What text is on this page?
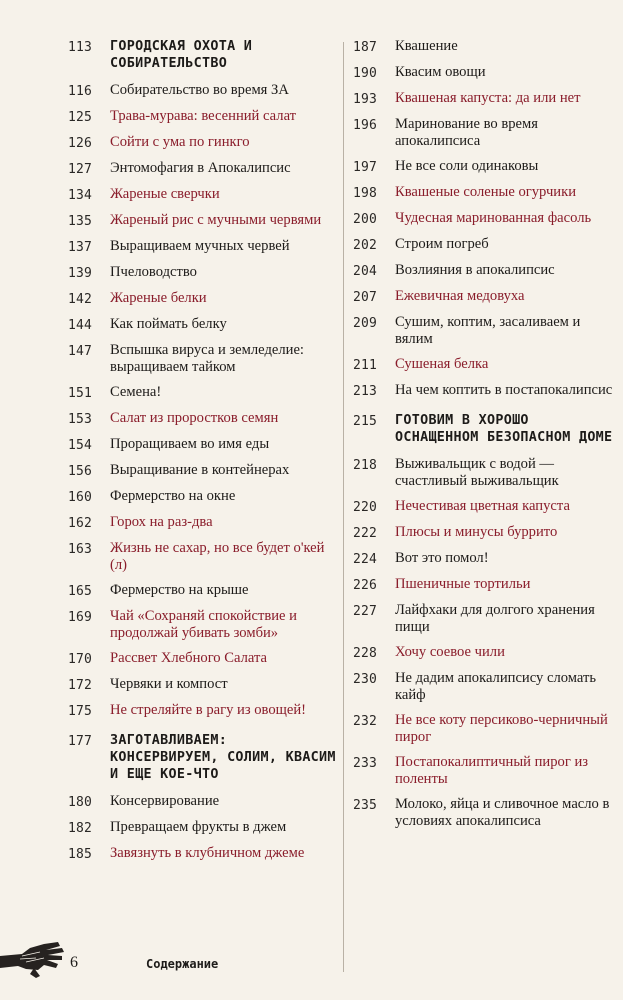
113	ГОРОДСКАЯ ОХОТА И СОБИРАТЕЛЬСТВО
116	Собирательство во время ЗА
125	Трава-мурава: весенний салат
126	Сойти с ума по гинкго
127	Энтомофагия в Апокалипсис
134	Жареные сверчки
135	Жареный рис с мучными червями
137	Выращиваем мучных червей
139	Пчеловодство
142	Жареные белки
144	Как поймать белку
147	Вспышка вируса и земледелие: выращиваем тайком
151	Семена!
153	Салат из проростков семян
154	Проращиваем во имя еды
156	Выращивание в контейнерах
160	Фермерство на окне
162	Горох на раз-два
163	Жизнь не сахар, но все будет о'кей (л)
165	Фермерство на крыше
169	Чай «Сохраняй спокойствие и продолжай убивать зомби»
170	Рассвет Хлебного Салата
172	Червяки и компост
175	Не стреляйте в рагу из овощей!
177	ЗАГОТАВЛИВАЕМ: КОНСЕРВИРУЕМ, СОЛИМ, КВАСИМ И ЕЩЕ КОЕ-ЧТО
180	Консервирование
182	Превращаем фрукты в джем
185	Завязнуть в клубничном джеме
187	Квашение
190	Квасим овощи
193	Квашеная капуста: да или нет
196	Маринование во время апокалипсиса
197	Не все соли одинаковы
198	Квашеные соленые огурчики
200	Чудесная маринованная фасоль
202	Строим погреб
204	Возлияния в апокалипсис
207	Ежевичная медовуха
209	Сушим, коптим, засаливаем и вялим
211	Сушеная белка
213	На чем коптить в постапокалипсис
215	ГОТОВИМ В ХОРОШО ОСНАЩЕННОМ БЕЗОПАСНОМ ДОМЕ
218	Выживальщик с водой — счастливый выживальщик
220	Нечестивая цветная капуста
222	Плюсы и минусы буррито
224	Вот это помол!
226	Пшеничные тортильи
227	Лайфхаки для долгого хранения пищи
228	Хочу соевое чили
230	Не дадим апокалипсису сломать кайф
232	Не все коту персиково-черничный пирог
233	Постапокалиптичный пирог из поленты
235	Молоко, яйца и сливочное масло в условиях апокалипсиса
6	Содержание
